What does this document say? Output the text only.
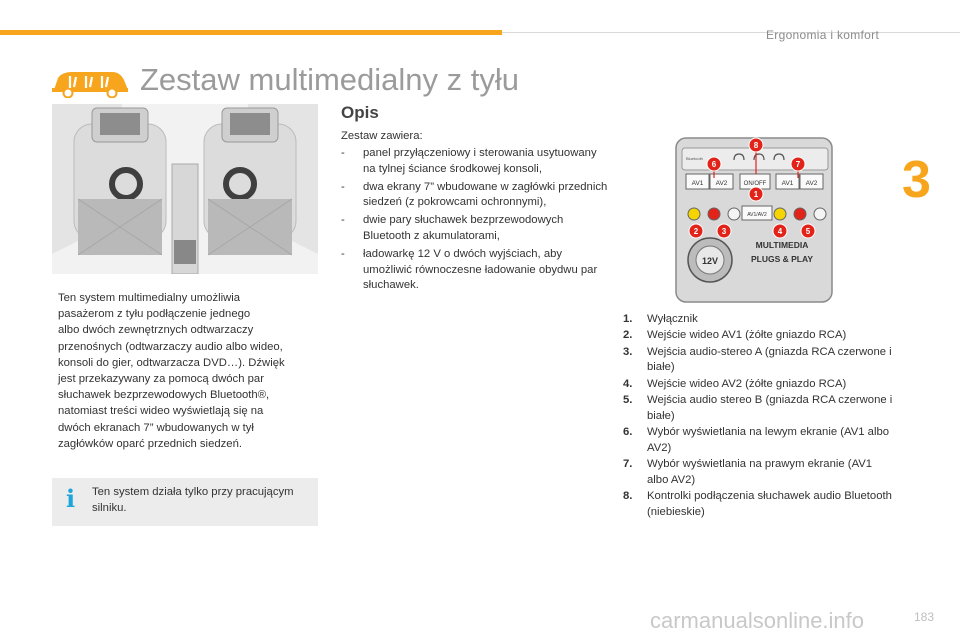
Ergonomia i komfort
3
Zestaw multimedialny z tyłu

Ten system multimedialny umożliwia
pasażerom z tyłu podłączenie jednego
albo dwóch zewnętrznych odtwarzaczy
przenośnych (odtwarzaczy audio albo wideo,
konsoli do gier, odtwarzacza DVD…). Dźwięk
jest przekazywany za pomocą dwóch par
słuchawek bezprzewodowych Bluetooth®,
natomiast treści wideo wyświetlają się na
dwóch ekranach 7” wbudowanych w tył
zagłówków oparć przednich siedzeń.

i Ten system działa tylko przy pracującym silniku.
Opis
Zestaw zawiera:
- panel przyłączeniowy i sterowania usytuowany na tylnej ściance środkowej konsoli,
- dwa ekrany 7” wbudowane w zagłówki przednich siedzeń (z pokrowcami ochronnymi),
- dwie pary słuchawek bezprzewodowych Bluetooth z akumulatorami,
- ładowarkę 12 V o dwóch wyjściach, aby umożliwić równoczesne ładowanie obydwu par słuchawek.
Bluetooth
AV1 AV2	ON/OFF AV1 AV2
AV1/AV2
12V
MULTIMEDIA
PLUGS & PLAY
8
6	7
1
2	3	4	5
1. Wyłącznik
2. Wejście wideo AV1 (żółte gniazdo RCA)
3. Wejścia audio-stereo A (gniazda RCA czerwone i białe)
4. Wejście wideo AV2 (żółte gniazdo RCA)
5. Wejścia audio stereo B (gniazda RCA czerwone i białe)
6. Wybór wyświetlania na lewym ekranie (AV1 albo AV2)
7. Wybór wyświetlania na prawym ekranie (AV1 albo AV2)
8. Kontrolki podłączenia słuchawek audio Bluetooth (niebieskie)
carmanualsonline.info	183
